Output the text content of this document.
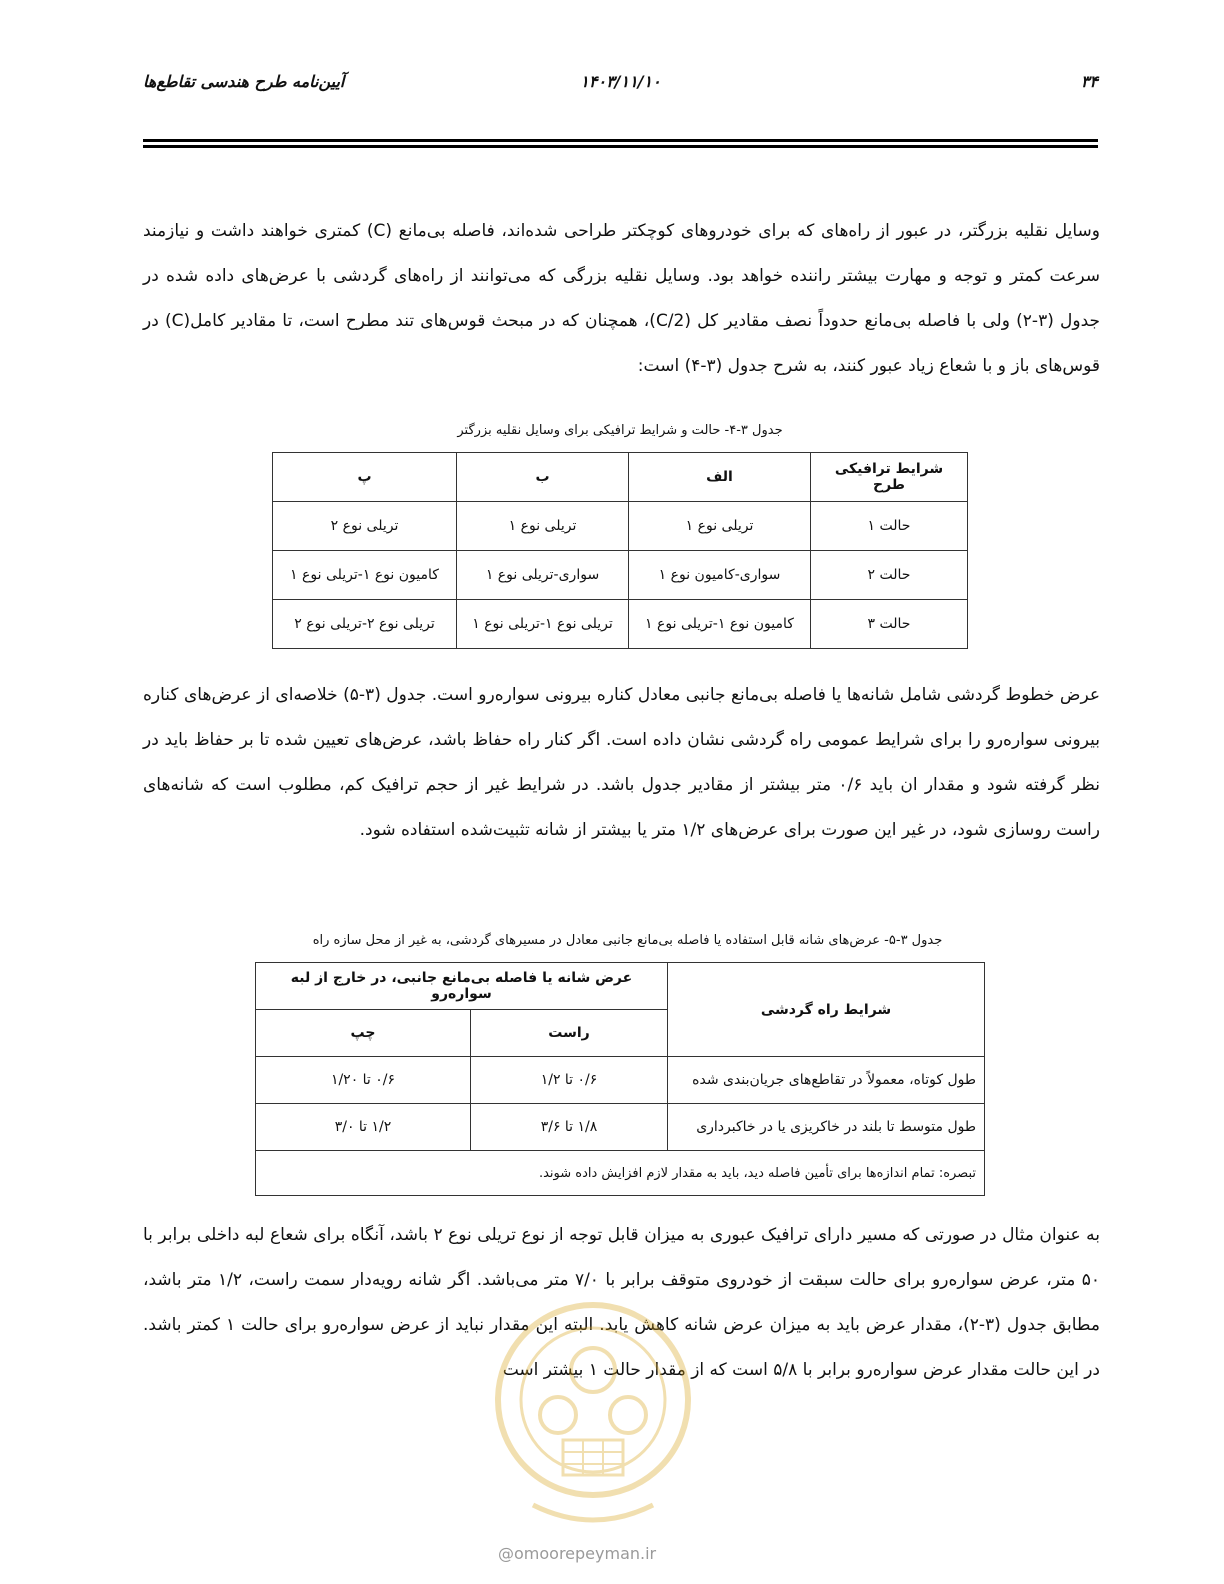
۳۴
۱۴۰۳/۱۱/۱۰
آیین‌نامه طرح هندسی تقاطع‌ها

وسایل نقلیه بزرگتر، در عبور از راه‌های که برای خودروهای کوچکتر طراحی شده‌اند، فاصله بی‌مانع (C) کمتری خواهند داشت و نیازمند سرعت کمتر و توجه و مهارت بیشتر راننده خواهد بود. وسایل نقلیه بزرگی که می‌توانند از راه‌های گردشی با عرض‌های داده شده در جدول (۳-۲) ولی با فاصله بی‌مانع حدوداً نصف مقادیر کل (C/2)، همچنان که در مبحث قوس‌های تند مطرح است، تا مقادیر کامل(C) در قوس‌های باز و با شعاع زیاد عبور کنند، به شرح جدول (۳-۴) است:

جدول ۳-۴- حالت و شرایط ترافیکی برای وسایل نقلیه بزرگتر
شرایط ترافیکی طرح	الف	ب	پ
حالت ۱	تریلی نوع ۱	تریلی نوع ۱	تریلی نوع ۲
حالت ۲	سواری-کامیون نوع ۱	سواری-تریلی نوع ۱	کامیون نوع ۱-تریلی نوع ۱
حالت ۳	کامیون نوع ۱-تریلی نوع ۱	تریلی نوع ۱-تریلی نوع ۱	تریلی نوع ۲-تریلی نوع ۲

عرض خطوط گردشی شامل شانه‌ها یا فاصله بی‌مانع جانبی معادل کناره بیرونی سواره‌رو است. جدول (۳-۵) خلاصه‌ای از عرض‌های کناره بیرونی سواره‌رو را برای شرایط عمومی راه گردشی نشان داده است. اگر کنار راه حفاظ باشد، عرض‌های تعیین شده تا بر حفاظ باید در نظر گرفته شود و مقدار ان باید ۰/۶ متر بیشتر از مقادیر جدول باشد. در شرایط غیر از حجم ترافیک کم، مطلوب است که شانه‌های راست روسازی شود، در غیر این صورت برای عرض‌های ۱/۲ متر یا بیشتر از شانه تثبیت‌شده استفاده شود.

جدول ۳-۵- عرض‌های شانه قابل استفاده یا فاصله بی‌مانع جانبی معادل در مسیرهای گردشی، به غیر از محل سازه راه
شرایط راه گردشی	عرض شانه یا فاصله بی‌مانع جانبی، در خارج از لبه سواره‌رو	
	راست	چپ
طول کوتاه، معمولاً در تقاطع‌های جریان‌بندی شده	۰/۶ تا ۱/۲	۰/۶ تا ۱/۲۰
طول متوسط تا بلند در خاکریزی یا در خاکبرداری	۱/۸ تا ۳/۶	۱/۲ تا ۳/۰
تبصره: تمام اندازه‌ها برای تأمین فاصله دید، باید به مقدار لازم افزایش داده شوند.		

به عنوان مثال در صورتی که مسیر دارای ترافیک عبوری به میزان قابل توجه از نوع تریلی نوع ۲ باشد، آنگاه برای شعاع لبه داخلی برابر با ۵۰ متر، عرض سواره‌رو برای حالت سبقت از خودروی متوقف برابر با ۷/۰ متر می‌باشد. اگر شانه رویه‌دار سمت راست، ۱/۲ متر باشد، مطابق جدول (۳-۲)، مقدار عرض باید به میزان عرض شانه کاهش یابد. البته این مقدار نباید از عرض سواره‌رو برای حالت ۱ کمتر باشد. در این حالت مقدار عرض سواره‌رو برابر با ۵/۸ است که از مقدار حالت ۱ بیشتر است

@omoorepeyman.ir
